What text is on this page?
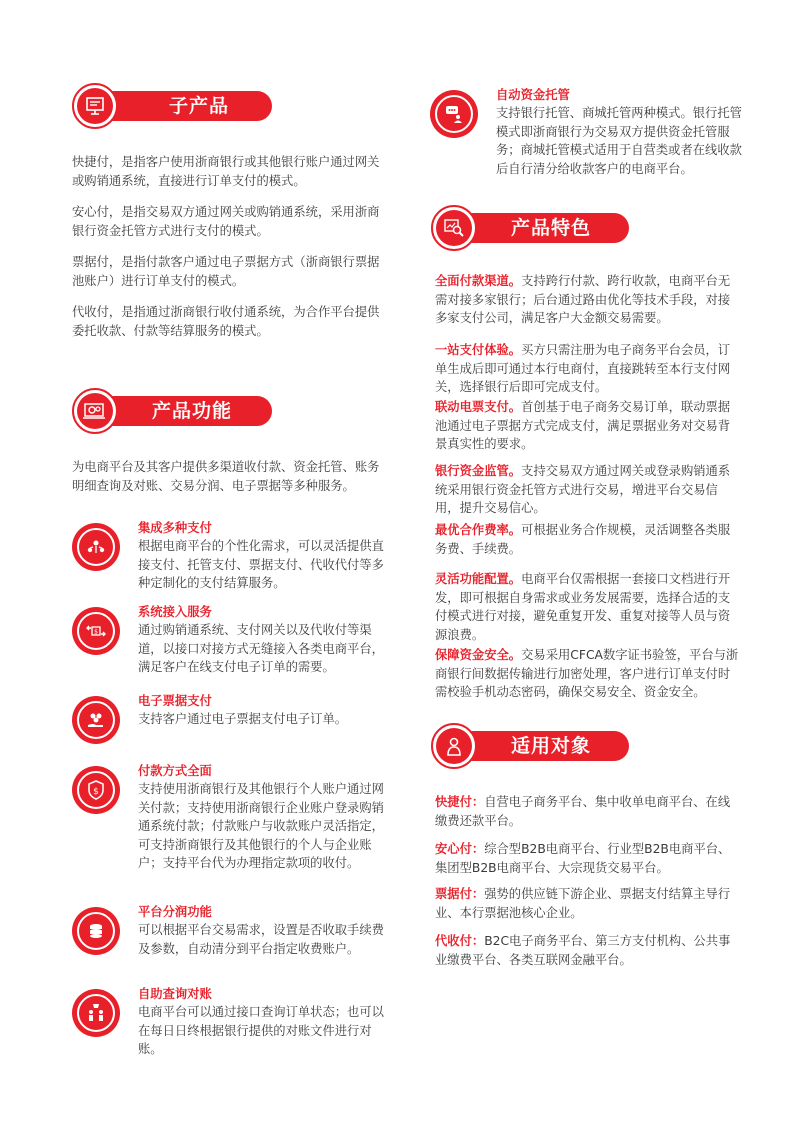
子产品

快捷付，是指客户使用浙商银行或其他银行账户通过网关或购销通系统，直接进行订单支付的模式。

安心付，是指交易双方通过网关或购销通系统，采用浙商银行资金托管方式进行支付的模式。

票据付，是指付款客户通过电子票据方式（浙商银行票据池账户）进行订单支付的模式。

代收付，是指通过浙商银行收付通系统，为合作平台提供委托收款、付款等结算服务的模式。

产品功能

为电商平台及其客户提供多渠道收付款、资金托管、账务明细查询及对账、交易分润、电子票据等多种服务。

集成多种支付

根据电商平台的个性化需求，可以灵活提供直接支付、托管支付、票据支付、代收代付等多种定制化的支付结算服务。

$
系统接入服务

通过购销通系统、支付网关以及代收付等渠道，以接口对接方式无缝接入各类电商平台，满足客户在线支付电子订单的需要。

电子票据支付

支持客户通过电子票据支付电子订单。

$
付款方式全面

支持使用浙商银行及其他银行个人账户通过网关付款；支持使用浙商银行企业账户登录购销通系统付款；付款账户与收款账户灵活指定，可支持浙商银行及其他银行的个人与企业账户；支持平台代为办理指定款项的收付。

平台分润功能

可以根据平台交易需求，设置是否收取手续费及参数，自动清分到平台指定收费账户。

自助查询对账

电商平台可以通过接口查询订单状态；也可以在每日日终根据银行提供的对账文件进行对账。

自动资金托管

支持银行托管、商城托管两种模式。银行托管模式即浙商银行为交易双方提供资金托管服务；商城托管模式适用于自营类或者在线收款后自行清分给收款客户的电商平台。

产品特色

全面付款渠道。支持跨行付款、跨行收款，电商平台无需对接多家银行；后台通过路由优化等技术手段，对接多家支付公司，满足客户大金额交易需要。

一站支付体验。买方只需注册为电子商务平台会员，订单生成后即可通过本行电商付，直接跳转至本行支付网关，选择银行后即可完成支付。

联动电票支付。首创基于电子商务交易订单，联动票据池通过电子票据方式完成支付，满足票据业务对交易背景真实性的要求。

银行资金监管。支持交易双方通过网关或登录购销通系统采用银行资金托管方式进行交易，增进平台交易信用，提升交易信心。

最优合作费率。可根据业务合作规模，灵活调整各类服务费、手续费。

灵活功能配置。电商平台仅需根据一套接口文档进行开发，即可根据自身需求或业务发展需要，选择合适的支付模式进行对接，避免重复开发、重复对接等人员与资源浪费。

保障资金安全。交易采用CFCA数字证书验签，平台与浙商银行间数据传输进行加密处理，客户进行订单支付时需校验手机动态密码，确保交易安全、资金安全。

适用对象

快捷付：自营电子商务平台、集中收单电商平台、在线缴费还款平台。

安心付：综合型B2B电商平台、行业型B2B电商平台、集团型B2B电商平台、大宗现货交易平台。

票据付：强势的供应链下游企业、票据支付结算主导行业、本行票据池核心企业。

代收付：B2C电子商务平台、第三方支付机构、公共事业缴费平台、各类互联网金融平台。
